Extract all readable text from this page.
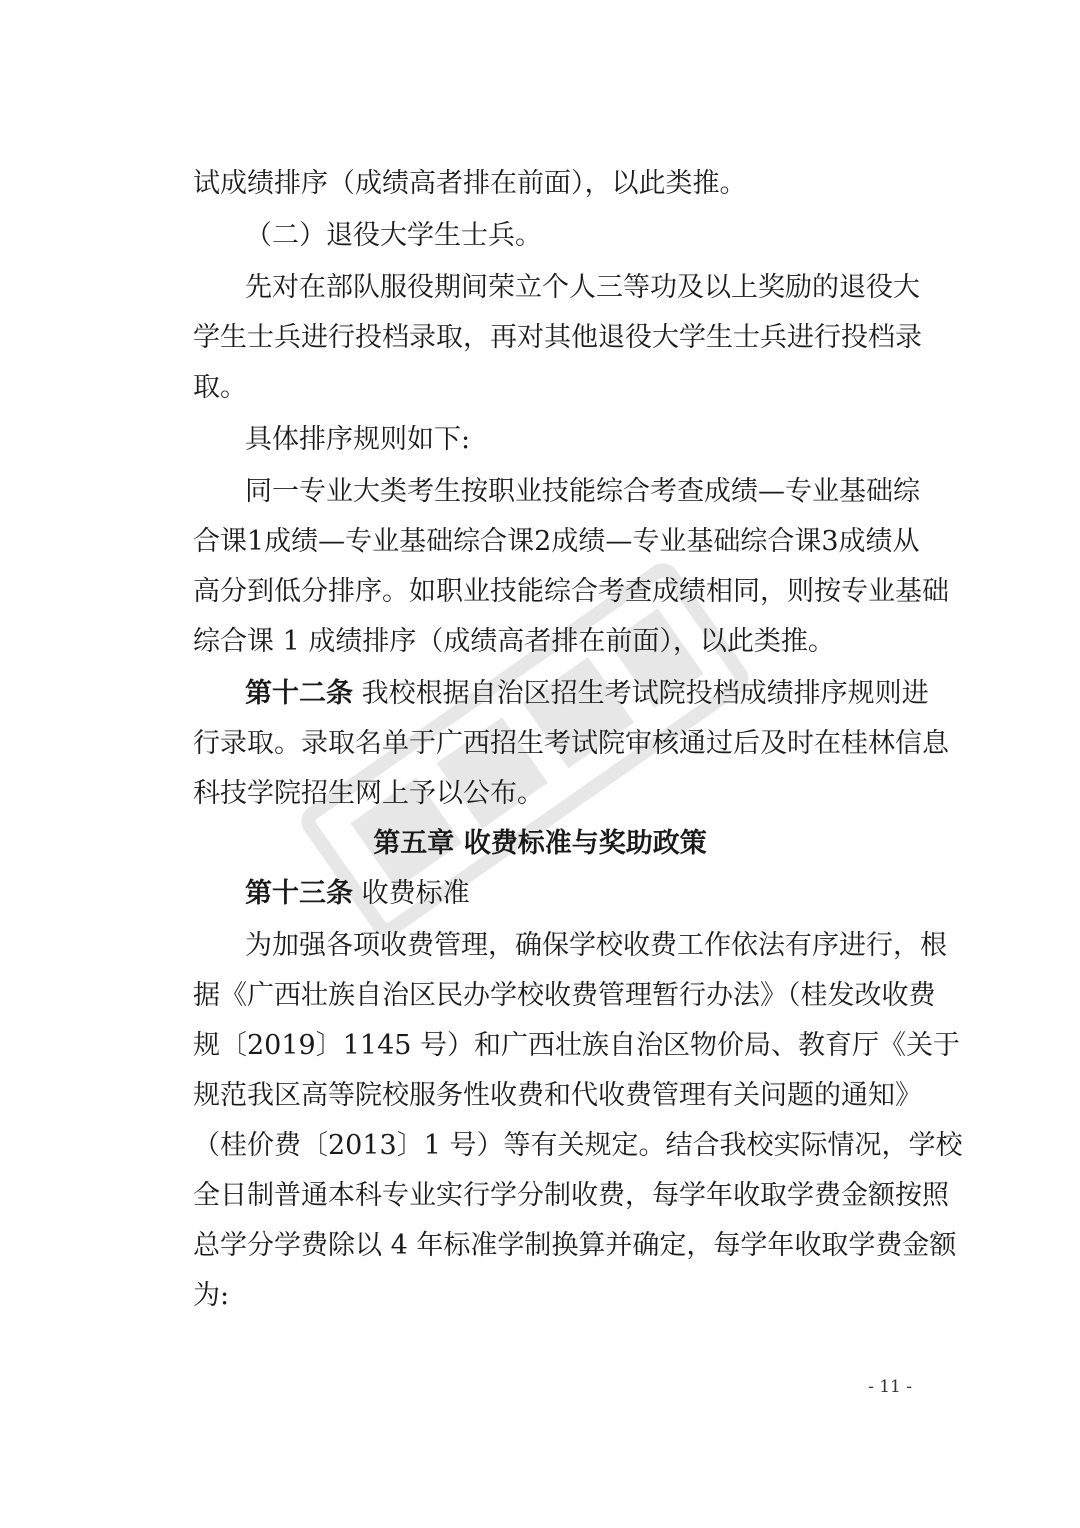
试成绩排序（成绩高者排在前面），以此类推。
（二）退役大学生士兵。
先对在部队服役期间荣立个人三等功及以上奖励的退役大
学生士兵进行投档录取，再对其他退役大学生士兵进行投档录
取。
具体排序规则如下:
同一专业大类考生按职业技能综合考查成绩—专业基础综
合课1成绩—专业基础综合课2成绩—专业基础综合课3成绩从
高分到低分排序。如职业技能综合考查成绩相同，则按专业基础
综合课 1 成绩排序（成绩高者排在前面），以此类推。
第十二条 我校根据自治区招生考试院投档成绩排序规则进
行录取。录取名单于广西招生考试院审核通过后及时在桂林信息
科技学院招生网上予以公布。
第五章 收费标准与奖助政策
第十三条 收费标准
为加强各项收费管理，确保学校收费工作依法有序进行，根
据《广西壮族自治区民办学校收费管理暂行办法》（桂发改收费
规〔2019〕1145 号）和广西壮族自治区物价局、教育厅《关于
规范我区高等院校服务性收费和代收费管理有关问题的通知》
（桂价费〔2013〕1 号）等有关规定。结合我校实际情况，学校
全日制普通本科专业实行学分制收费，每学年收取学费金额按照
总学分学费除以 4 年标准学制换算并确定，每学年收取学费金额
为:
- 11 -
